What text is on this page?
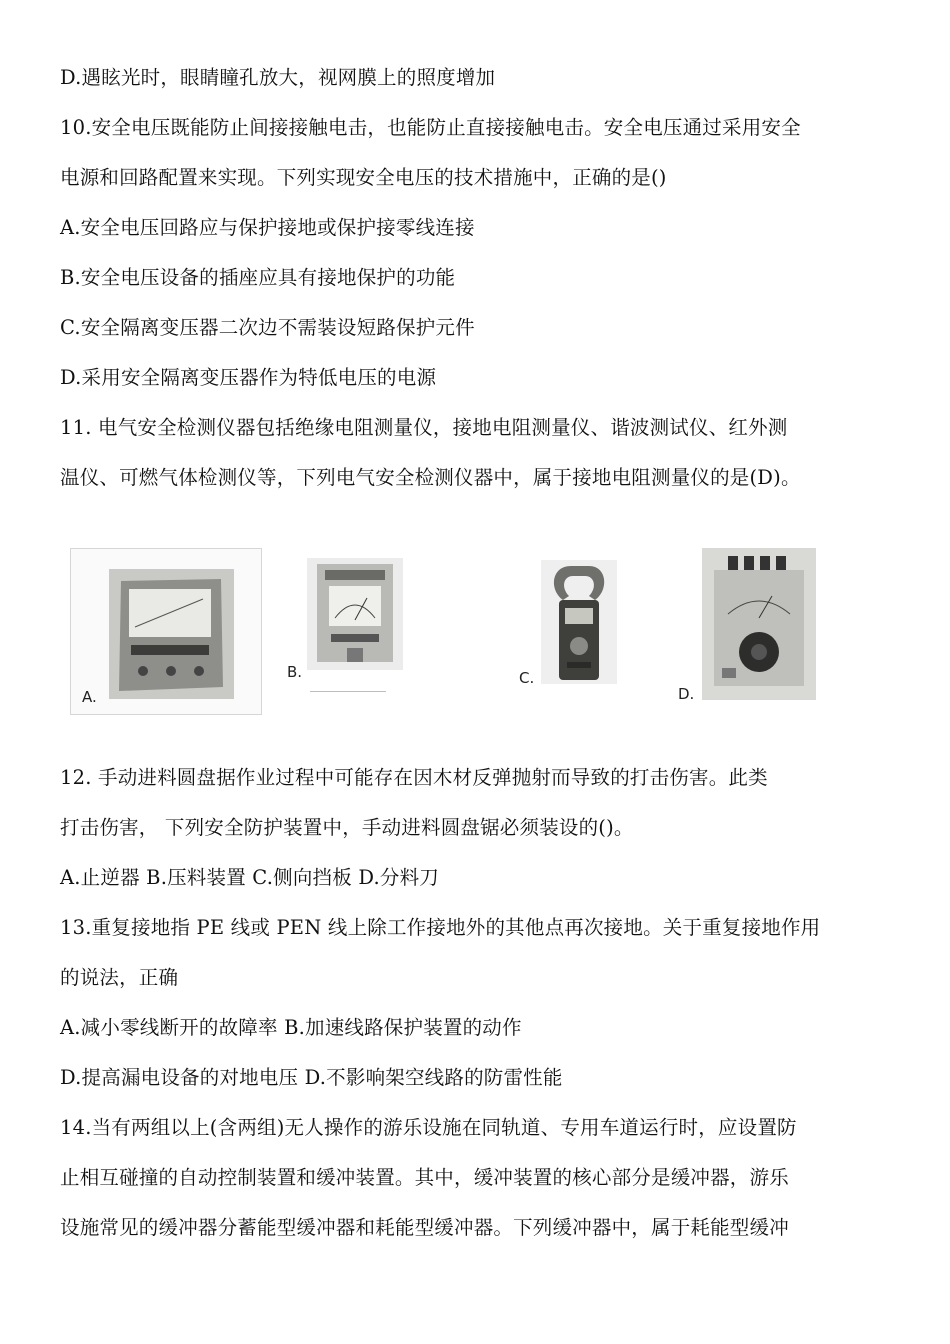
D.遇眩光时，眼睛瞳孔放大，视网膜上的照度增加
10.安全电压既能防止间接接触电击，也能防止直接接触电击。安全电压通过采用安全
电源和回路配置来实现。下列实现安全电压的技术措施中，正确的是()
A.安全电压回路应与保护接地或保护接零线连接
B.安全电压设备的插座应具有接地保护的功能
C.安全隔离变压器二次边不需装设短路保护元件
D.采用安全隔离变压器作为特低电压的电源
11. 电气安全检测仪器包括绝缘电阻测量仪，接地电阻测量仪、谐波测试仪、红外测
温仪、可燃气体检测仪等，下列电气安全检测仪器中，属于接地电阻测量仪的是(D)。
A.
B.	C.
D.
12. 手动进料圆盘据作业过程中可能存在因木材反弹抛射而导致的打击伤害。此类
打击伤害， 下列安全防护装置中，手动进料圆盘锯必须装设的()。
A.止逆器 B.压料装置 C.侧向挡板 D.分料刀
13.重复接地指 PE 线或 PEN 线上除工作接地外的其他点再次接地。关于重复接地作用
的说法，正确
A.减小零线断开的故障率 B.加速线路保护装置的动作
D.提高漏电设备的对地电压 D.不影响架空线路的防雷性能
14.当有两组以上(含两组)无人操作的游乐设施在同轨道、专用车道运行时，应设置防
止相互碰撞的自动控制装置和缓冲装置。其中，缓冲装置的核心部分是缓冲器，游乐
设施常见的缓冲器分蓄能型缓冲器和耗能型缓冲器。下列缓冲器中，属于耗能型缓冲
